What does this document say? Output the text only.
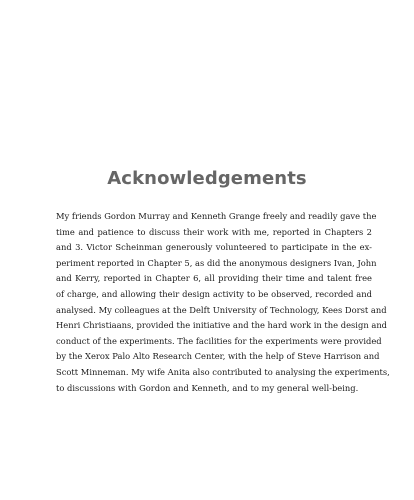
Acknowledgements
My friends Gordon Murray and Kenneth Grange freely and readily gave the
time and patience to discuss their work with me, reported in Chapters 2
and 3. Victor Scheinman generously volunteered to participate in the ex-
periment reported in Chapter 5, as did the anonymous designers Ivan, John
and Kerry, reported in Chapter 6, all providing their time and talent free
of charge, and allowing their design activity to be observed, recorded and
analysed. My colleagues at the Delft University of Technology, Kees Dorst and
Henri Christiaans, provided the initiative and the hard work in the design and
conduct of the experiments. The facilities for the experiments were provided
by the Xerox Palo Alto Research Center, with the help of Steve Harrison and
Scott Minneman. My wife Anita also contributed to analysing the experiments,
to discussions with Gordon and Kenneth, and to my general well-being.
